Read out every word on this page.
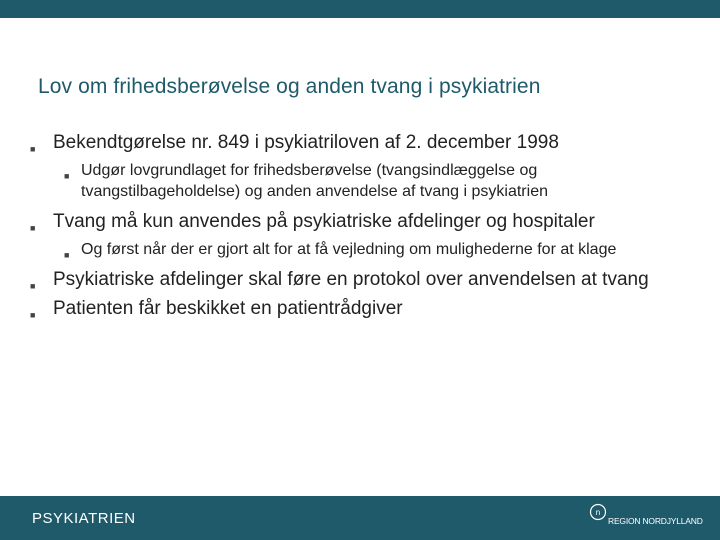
Lov om frihedsberøvelse og anden tvang i psykiatrien
■ Bekendtgørelse nr. 849 i psykiatriloven af 2. december 1998
■ Udgør lovgrundlaget for frihedsberøvelse (tvangsindlæggelse og tvangstilbageholdelse) og anden anvendelse af tvang i psykiatrien
■ Tvang må kun anvendes på psykiatriske afdelinger og hospitaler
■ Og først når der er gjort alt for at få vejledning om mulighederne for at klage
■ Psykiatriske afdelinger skal føre en protokol over anvendelsen at tvang
■ Patienten får beskikket en patientrådgiver
PSYKIATRIEN	n
REGION NORDJYLLAND
